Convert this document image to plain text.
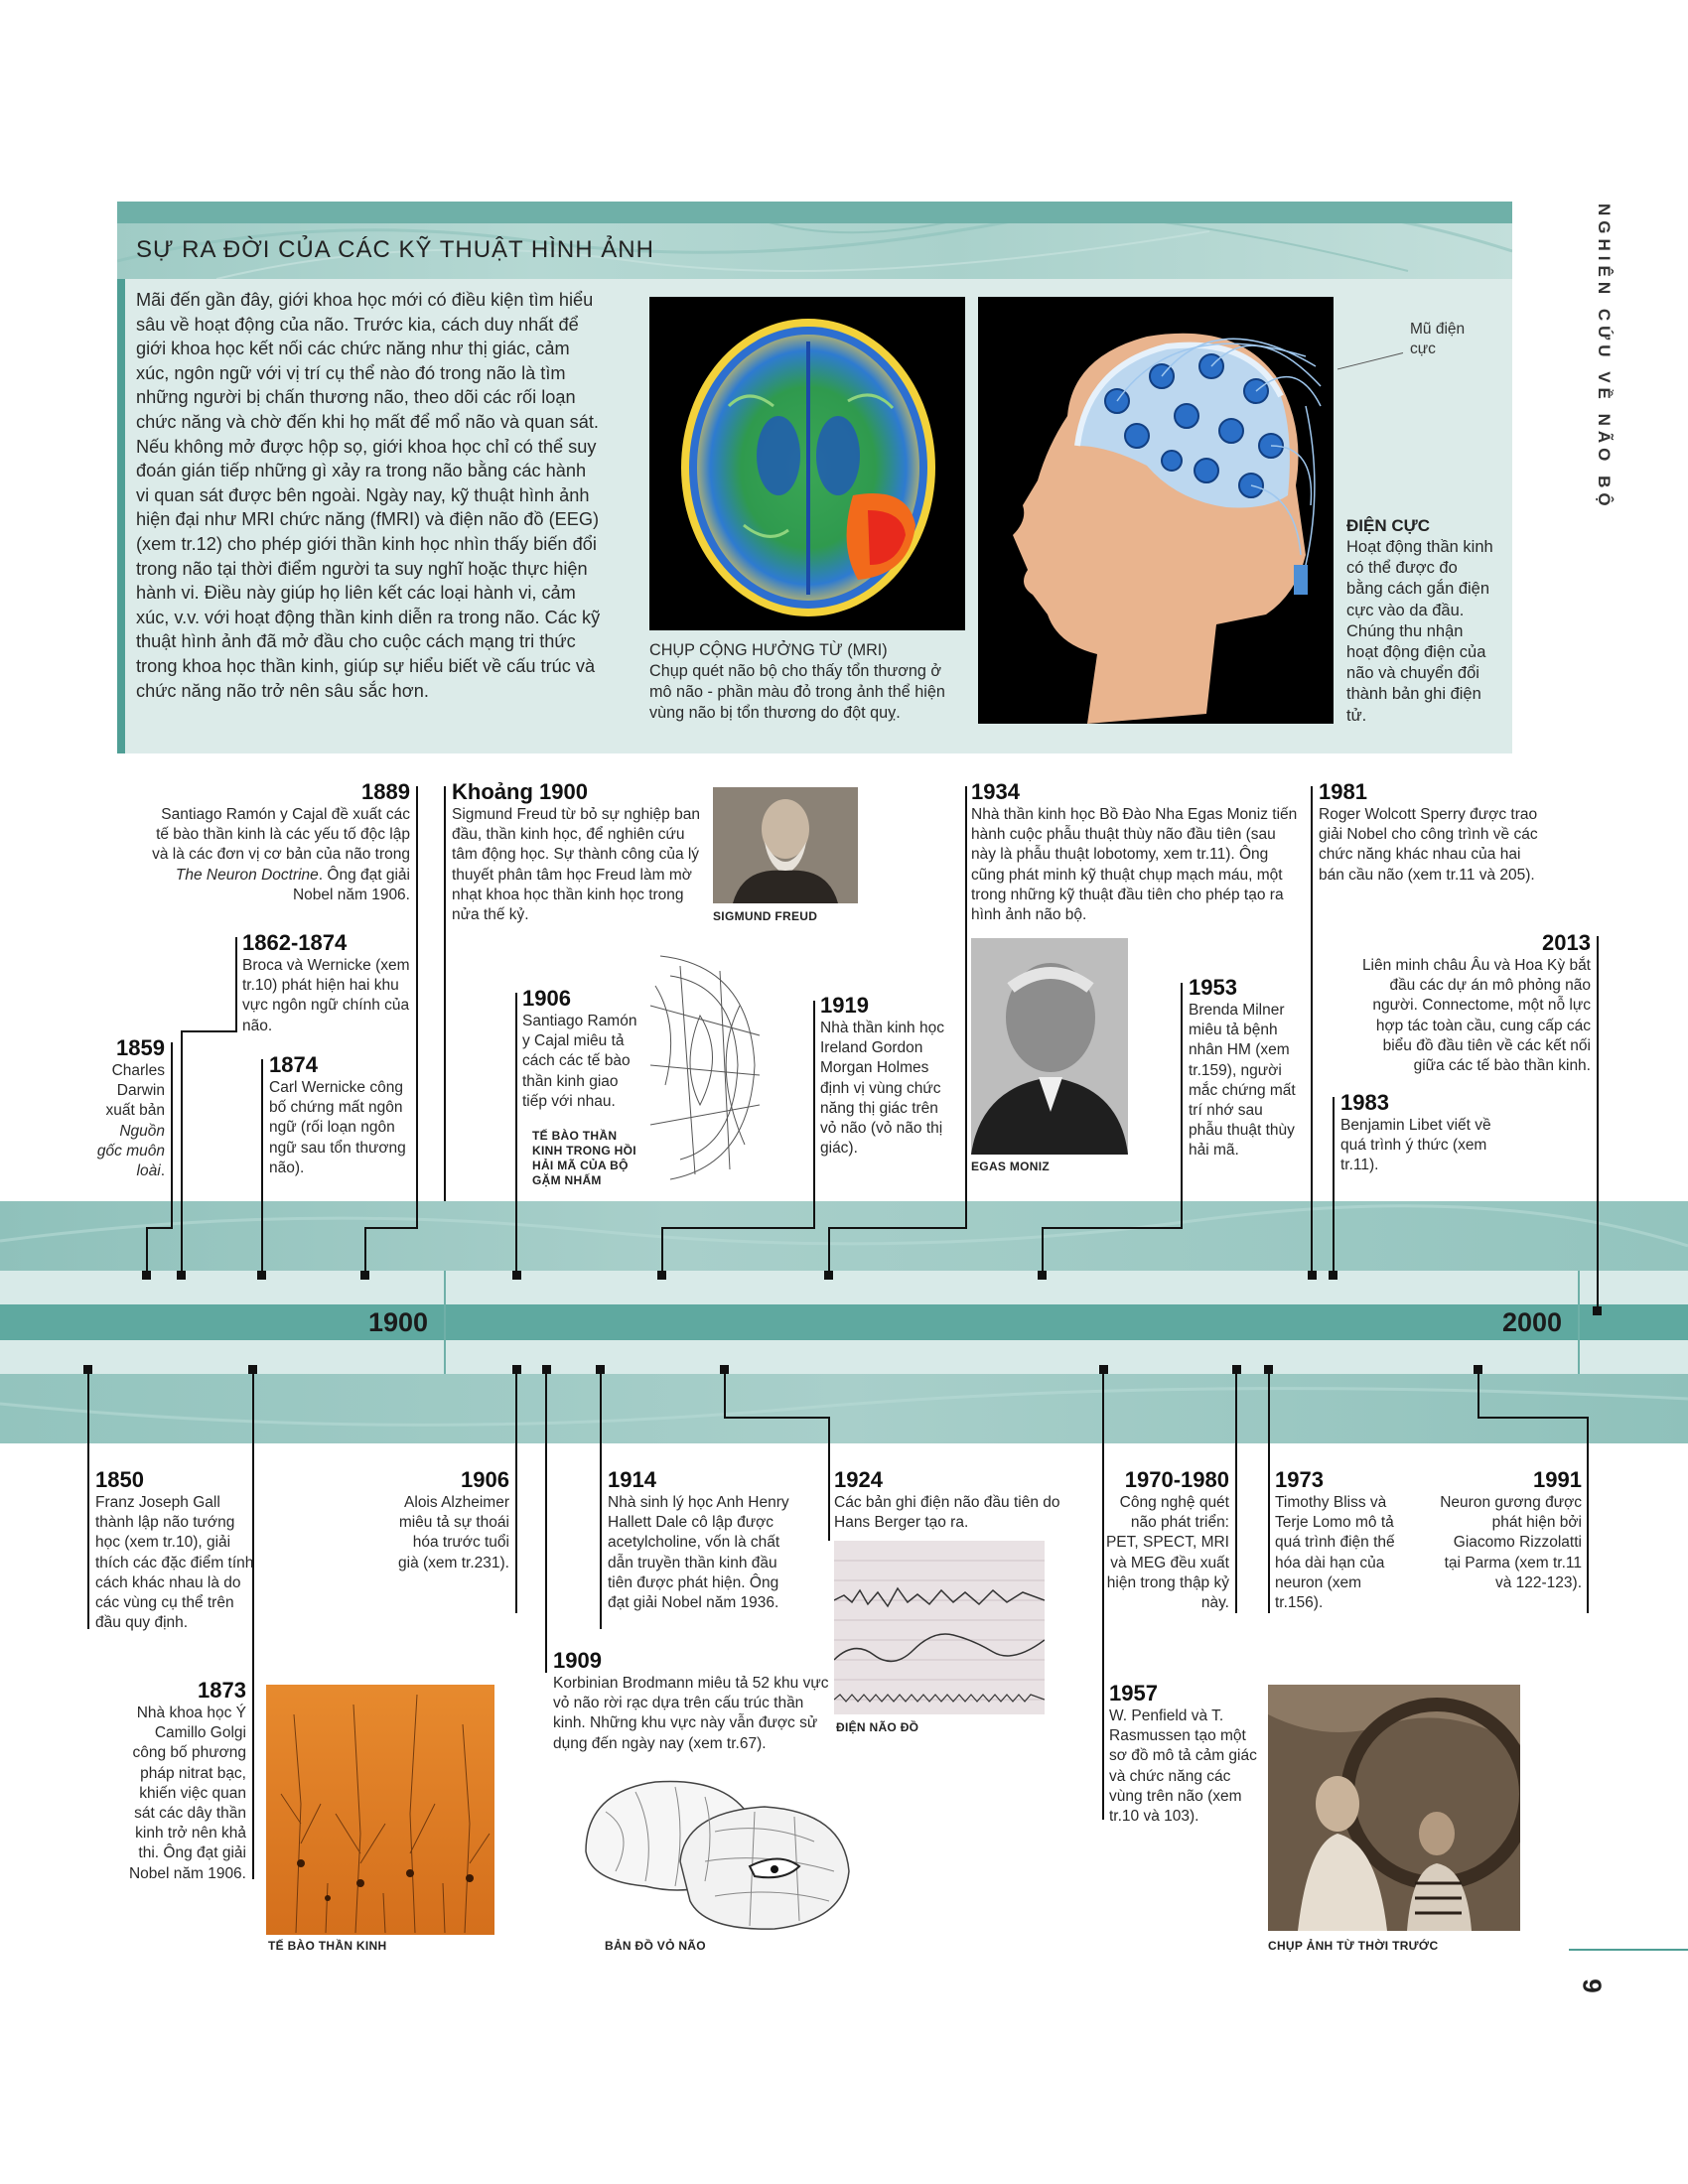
NGHIÊN CỨU VỀ NÃO BỘ
9
SỰ RA ĐỜI CỦA CÁC KỸ THUẬT HÌNH ẢNH
Mãi đến gần đây, giới khoa học mới có điều kiện tìm hiểu sâu về hoạt động của não. Trước kia, cách duy nhất để giới khoa học kết nối các chức năng như thị giác, cảm xúc, ngôn ngữ với vị trí cụ thể nào đó trong não là tìm những người bị chấn thương não, theo dõi các rối loạn chức năng và chờ đến khi họ mất để mổ não và quan sát. Nếu không mở được hộp sọ, giới khoa học chỉ có thể suy đoán gián tiếp những gì xảy ra trong não bằng các hành vi quan sát được bên ngoài. Ngày nay, kỹ thuật hình ảnh hiện đại như MRI chức năng (fMRI) và điện não đồ (EEG) (xem tr.12) cho phép giới thần kinh học nhìn thấy biến đổi trong não tại thời điểm người ta suy nghĩ hoặc thực hiện hành vi. Điều này giúp họ liên kết các loại hành vi, cảm xúc, v.v. với hoạt động thần kinh diễn ra trong não. Các kỹ thuật hình ảnh đã mở đầu cho cuộc cách mạng tri thức trong khoa học thần kinh, giúp sự hiểu biết về cấu trúc và chức năng não trở nên sâu sắc hơn.
CHỤP CỘNG HƯỞNG TỪ (MRI)
Chụp quét não bộ cho thấy tổn thương ở mô não - phần màu đỏ trong ảnh thể hiện vùng não bị tổn thương do đột quỵ.
Mũ điện cực
ĐIỆN CỰC
Hoạt động thần kinh có thể được đo bằng cách gắn điện cực vào da đầu. Chúng thu nhận hoạt động điện của não và chuyển đổi thành bản ghi điện tử.
1900	2000
1889
Santiago Ramón y Cajal đề xuất các tế bào thần kinh là các yếu tố độc lập và là các đơn vị cơ bản của não trong The Neuron Doctrine. Ông đạt giải Nobel năm 1906.
Khoảng 1900
Sigmund Freud từ bỏ sự nghiệp ban đầu, thần kinh học, để nghiên cứu tâm động học. Sự thành công của lý thuyết phân tâm học Freud làm mờ nhạt khoa học thần kinh học trong nửa thế kỷ.	SIGMUND FREUD
1934
Nhà thần kinh học Bồ Đào Nha Egas Moniz tiến hành cuộc phẫu thuật thùy não đầu tiên (sau này là phẫu thuật lobotomy, xem tr.11). Ông cũng phát minh kỹ thuật chụp mạch máu, một trong những kỹ thuật đầu tiên cho phép tạo ra hình ảnh não bộ.
EGAS MONIZ
1981
Roger Wolcott Sperry được trao giải Nobel cho công trình về các chức năng khác nhau của hai bán cầu não (xem tr.11 và 205).
1862-1874
Broca và Wernicke (xem tr.10) phát hiện hai khu vực ngôn ngữ chính của não.
1906
Santiago Ramón y Cajal miêu tả cách các tế bào thần kinh giao tiếp với nhau.
TẾ BÀO THẦN KINH TRONG HỒI HẢI MÃ CỦA BỘ GẶM NHẤM
1919
Nhà thần kinh học Ireland Gordon Morgan Holmes định vị vùng chức năng thị giác trên vỏ não (vỏ não thị giác).
1953
Brenda Milner miêu tả bệnh nhân HM (xem tr.159), người mắc chứng mất trí nhớ sau phẫu thuật thùy hải mã.
2013
Liên minh châu Âu và Hoa Kỳ bắt đầu các dự án mô phỏng não người. Connectome, một nỗ lực hợp tác toàn cầu, cung cấp các biểu đồ đầu tiên về các kết nối giữa các tế bào thần kinh.
1859
Charles Darwin xuất bản Nguồn gốc muôn loài.
1874
Carl Wernicke công bố chứng mất ngôn ngữ (rối loạn ngôn ngữ sau tổn thương não).
1983
Benjamin Libet viết về quá trình ý thức (xem tr.11).
1850
Franz Joseph Gall thành lập não tướng học (xem tr.10), giải thích các đặc điểm tính cách khác nhau là do các vùng cụ thể trên đầu quy định.
1906
Alois Alzheimer miêu tả sự thoái hóa trước tuổi già (xem tr.231).
1914
Nhà sinh lý học Anh Henry Hallett Dale cô lập được acetylcholine, vốn là chất dẫn truyền thần kinh đầu tiên được phát hiện. Ông đạt giải Nobel năm 1936.
1924
Các bản ghi điện não đầu tiên do Hans Berger tạo ra.
ĐIỆN NÃO ĐỒ
1970-1980
Công nghệ quét não phát triển: PET, SPECT, MRI và MEG đều xuất hiện trong thập kỷ này.
1973
Timothy Bliss và Terje Lomo mô tả quá trình điện thế hóa dài hạn của neuron (xem tr.156).
1991
Neuron gương được phát hiện bởi Giacomo Rizzolatti tại Parma (xem tr.11 và 122-123).
1873
Nhà khoa học Ý Camillo Golgi công bố phương pháp nitrat bạc, khiến việc quan sát các dây thần kinh trở nên khả thi. Ông đạt giải Nobel năm 1906.
TẾ BÀO THẦN KINH
1909
Korbinian Brodmann miêu tả 52 khu vực vỏ não rời rạc dựa trên cấu trúc thần kinh. Những khu vực này vẫn được sử dụng đến ngày nay (xem tr.67).
BẢN ĐỒ VỎ NÃO
1957
W. Penfield và T. Rasmussen tạo một sơ đồ mô tả cảm giác và chức năng các vùng trên não (xem tr.10 và 103).
CHỤP ẢNH TỪ THỜI TRƯỚC
